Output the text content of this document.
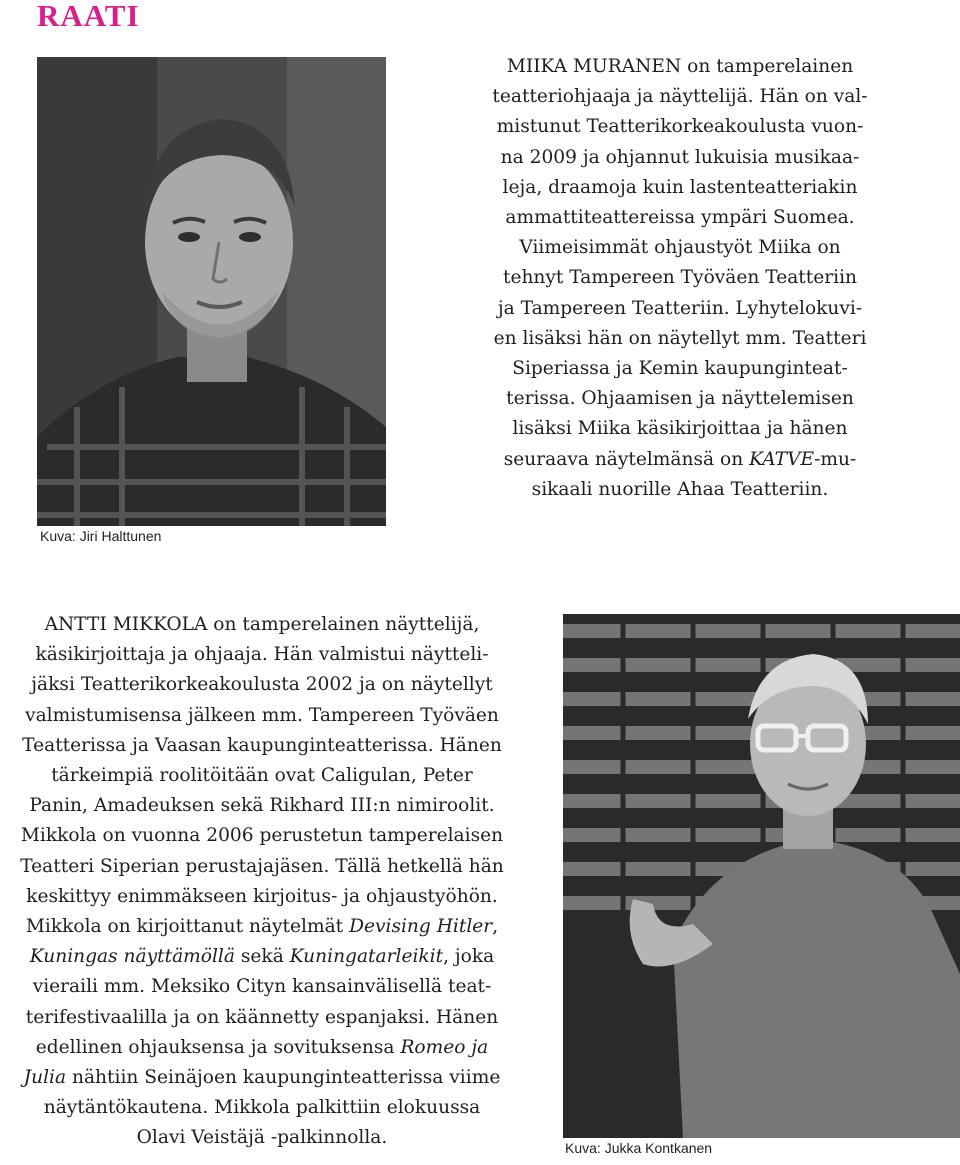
RAATI
Kuva: Jiri Halttunen
MIIKA MURANEN on tamperelainen
teatteriohjaaja ja näyttelijä. Hän on val-
mistunut Teatterikorkeakoulusta vuon-
na 2009 ja ohjannut lukuisia musikaa-
leja, draamoja kuin lastenteatteriakin
ammattiteattereissa ympäri Suomea.
Viimeisimmät ohjaustyöt Miika on
tehnyt Tampereen Työväen Teatteriin
ja Tampereen Teatteriin. Lyhytelokuvi-
en lisäksi hän on näytellyt mm. Teatteri
Siperiassa ja Kemin kaupunginteat-
terissa. Ohjaamisen ja näyttelemisen
lisäksi Miika käsikirjoittaa ja hänen
seuraava näytelmänsä on KATVE-mu-
sikaali nuorille Ahaa Teatteriin.
ANTTI MIKKOLA on tamperelainen näyttelijä,
käsikirjoittaja ja ohjaaja. Hän valmistui näytteli-
jäksi Teatterikorkeakoulusta 2002 ja on näytellyt
valmistumisensa jälkeen mm. Tampereen Työväen
Teatterissa ja Vaasan kaupunginteatterissa. Hänen
tärkeimpiä roolitöitään ovat Caligulan, Peter
Panin, Amadeuksen sekä Rikhard III:n nimiroolit.
Mikkola on vuonna 2006 perustetun tamperelaisen
Teatteri Siperian perustajajäsen. Tällä hetkellä hän
keskittyy enimmäkseen kirjoitus- ja ohjaustyöhön.
Mikkola on kirjoittanut näytelmät Devising Hitler,
Kuningas näyttämöllä sekä Kuningatarleikit, joka
vieraili mm. Meksiko Cityn kansainvälisellä teat-
terifestivaalilla ja on käännetty espanjaksi. Hänen
edellinen ohjauksensa ja sovituksensa Romeo ja
Julia nähtiin Seinäjoen kaupunginteatterissa viime
näytäntökautena. Mikkola palkittiin elokuussa
Olavi Veistäjä -palkinnolla.	Kuva: Jukka Kontkanen
